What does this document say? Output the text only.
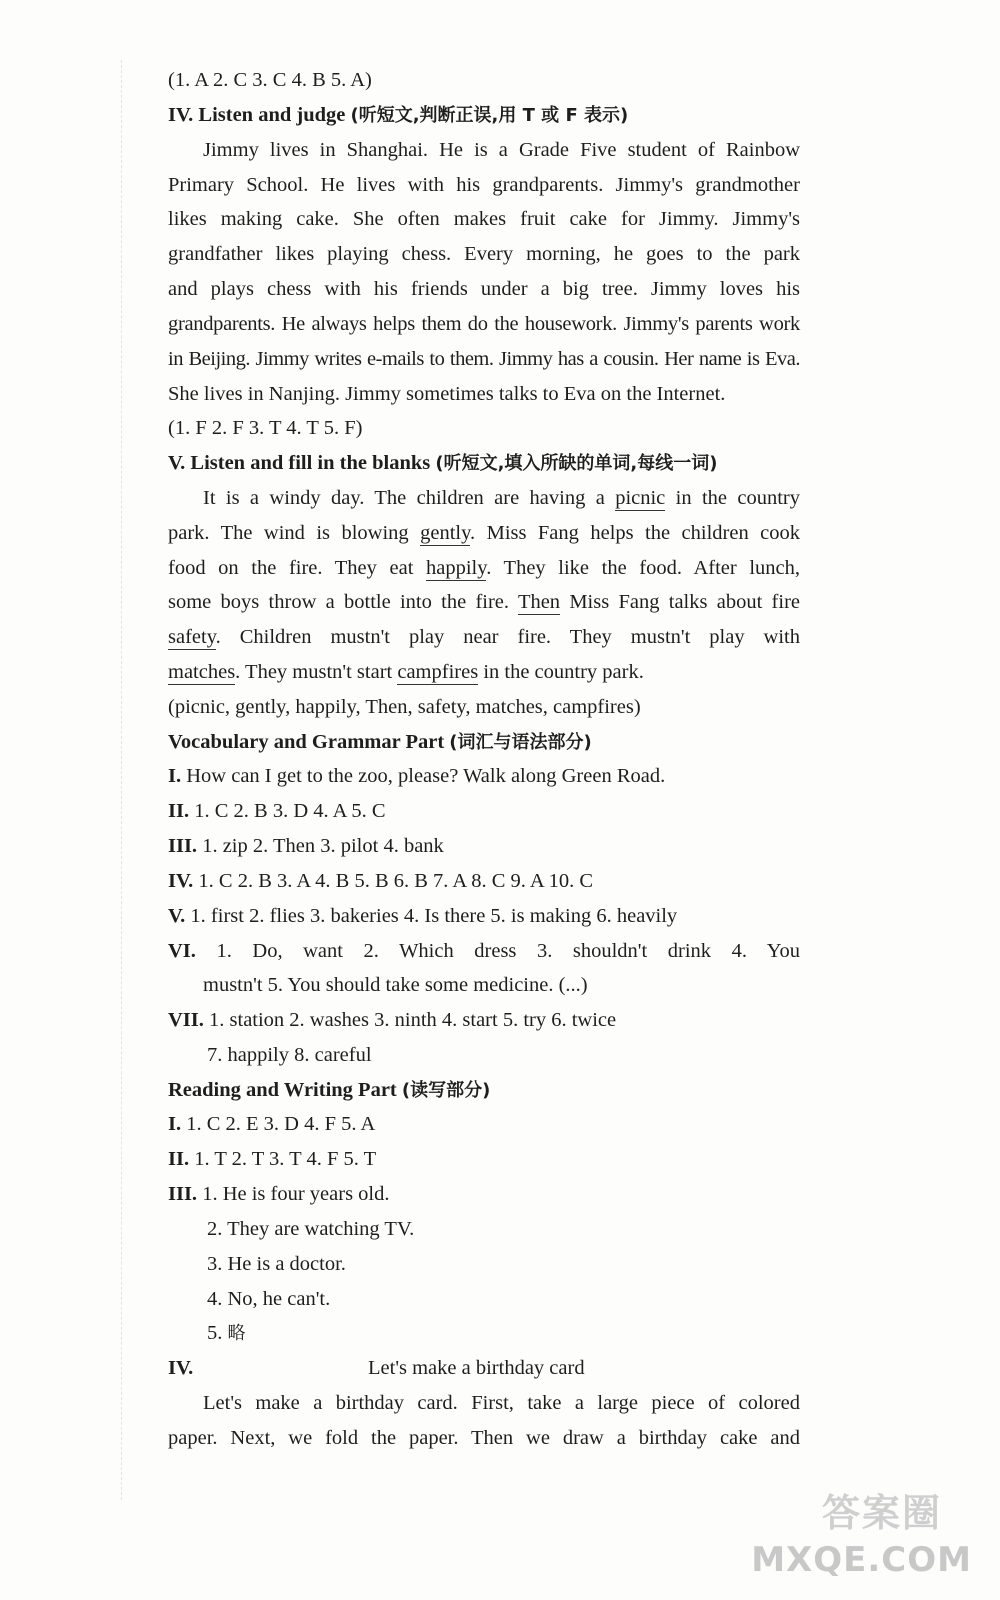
(1. A 2. C 3. C 4. B 5. A)
IV. Listen and judge (听短文,判断正误,用 T 或 F 表示)
Jimmy lives in Shanghai. He is a Grade Five student of Rainbow
Primary School. He lives with his grandparents. Jimmy's grandmother
likes making cake. She often makes fruit cake for Jimmy. Jimmy's
grandfather likes playing chess. Every morning, he goes to the park
and plays chess with his friends under a big tree. Jimmy loves his
grandparents. He always helps them do the housework. Jimmy's parents work
in Beijing. Jimmy writes e-mails to them. Jimmy has a cousin. Her name is Eva.
She lives in Nanjing. Jimmy sometimes talks to Eva on the Internet.
(1. F 2. F 3. T 4. T 5. F)
V. Listen and fill in the blanks (听短文,填入所缺的单词,每线一词)
It is a windy day. The children are having a picnic in the country
park. The wind is blowing gently. Miss Fang helps the children cook
food on the fire. They eat happily. They like the food. After lunch,
some boys throw a bottle into the fire. Then Miss Fang talks about fire
safety. Children mustn't play near fire. They mustn't play with
matches. They mustn't start campfires in the country park.
(picnic, gently, happily, Then, safety, matches, campfires)
Vocabulary and Grammar Part (词汇与语法部分)
I. How can I get to the zoo, please? Walk along Green Road.
II. 1. C 2. B 3. D 4. A 5. C
III. 1. zip 2. Then 3. pilot 4. bank
IV. 1. C 2. B 3. A 4. B 5. B 6. B 7. A 8. C 9. A 10. C
V. 1. first 2. flies 3. bakeries 4. Is there 5. is making 6. heavily
VI. 1. Do, want 2. Which dress 3. shouldn't drink 4. You
mustn't 5. You should take some medicine. (...)
VII. 1. station 2. washes 3. ninth 4. start 5. try 6. twice
7. happily 8. careful
Reading and Writing Part (读写部分)
I. 1. C 2. E 3. D 4. F 5. A
II. 1. T 2. T 3. T 4. F 5. T
III. 1. He is four years old.
2. They are watching TV.
3. He is a doctor.
4. No, he can't.
5. 略
IV.	Let's make a birthday card
Let's make a birthday card. First, take a large piece of colored
paper. Next, we fold the paper. Then we draw a birthday cake and
答案圈
MXQE.COM
